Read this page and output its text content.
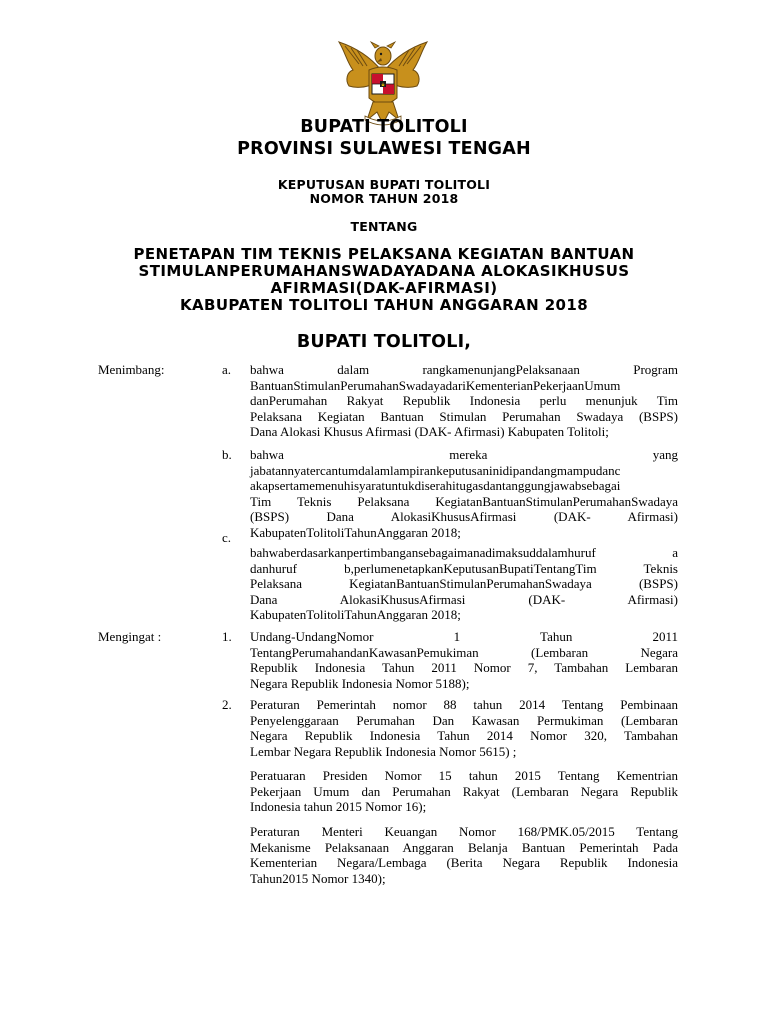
BUPATI TOLITOLI
PROVINSI SULAWESI TENGAH
KEPUTUSAN BUPATI TOLITOLI
NOMOR TAHUN 2018
TENTANG
PENETAPAN TIM TEKNIS PELAKSANA KEGIATAN BANTUAN
STIMULANPERUMAHANSWADAYADANA ALOKASIKHUSUS
AFIRMASI(DAK-AFIRMASI)
KABUPATEN TOLITOLI TAHUN ANGGARAN 2018
BUPATI TOLITOLI,
Menimbang:	a. bahwa dalam rangkamenunjangPelaksanaan Program

BantuanStimulanPerumahanSwadayadariKementerianPekerjaanUmum

danPerumahan Rakyat Republik Indonesia perlu menunjuk Tim

Pelaksana Kegiatan Bantuan Stimulan Perumahan Swadaya (BSPS)

Dana Alokasi Khusus Afirmasi (DAK- Afirmasi) Kabupaten Tolitoli;

b. bahwa mereka yang

jabatannyatercantumdalamlampirankeputusaninidipandangmampudanc

akapsertamemenuhisyaratuntukdiserahitugasdantanggungjawabsebagai

Tim Teknis Pelaksana KegiatanBantuanStimulanPerumahanSwadaya

(BSPS) Dana AlokasiKhususAfirmasi (DAK- Afirmasi)

KabupatenTolitoliTahunAnggaran 2018;

c.

bahwaberdasarkanpertimbangansebagaimanadimaksuddalamhuruf a

danhuruf b,perlumenetapkanKeputusanBupatiTentangTim Teknis

Pelaksana KegiatanBantuanStimulanPerumahanSwadaya (BSPS)

Dana AlokasiKhususAfirmasi (DAK- Afirmasi)

KabupatenTolitoliTahunAnggaran 2018;

Mengingat :	1. Undang-UndangNomor 1 Tahun 2011

TentangPerumahandanKawasanPemukiman (Lembaran Negara

Republik Indonesia Tahun 2011 Nomor 7, Tambahan Lembaran

Negara Republik Indonesia Nomor 5188);

2. Peraturan Pemerintah nomor 88 tahun 2014 Tentang Pembinaan

Penyelenggaraan Perumahan Dan Kawasan Permukiman (Lembaran

Negara Republik Indonesia Tahun 2014 Nomor 320, Tambahan

Lembar Negara Republik Indonesia Nomor 5615) ;

Peratuaran Presiden Nomor 15 tahun 2015 Tentang Kementrian

Pekerjaan Umum dan Perumahan Rakyat (Lembaran Negara Republik

Indonesia tahun 2015 Nomor 16);

Peraturan Menteri Keuangan Nomor 168/PMK.05/2015 Tentang

Mekanisme Pelaksanaan Anggaran Belanja Bantuan Pemerintah Pada

Kementerian Negara/Lembaga (Berita Negara Republik Indonesia

Tahun2015 Nomor 1340);
